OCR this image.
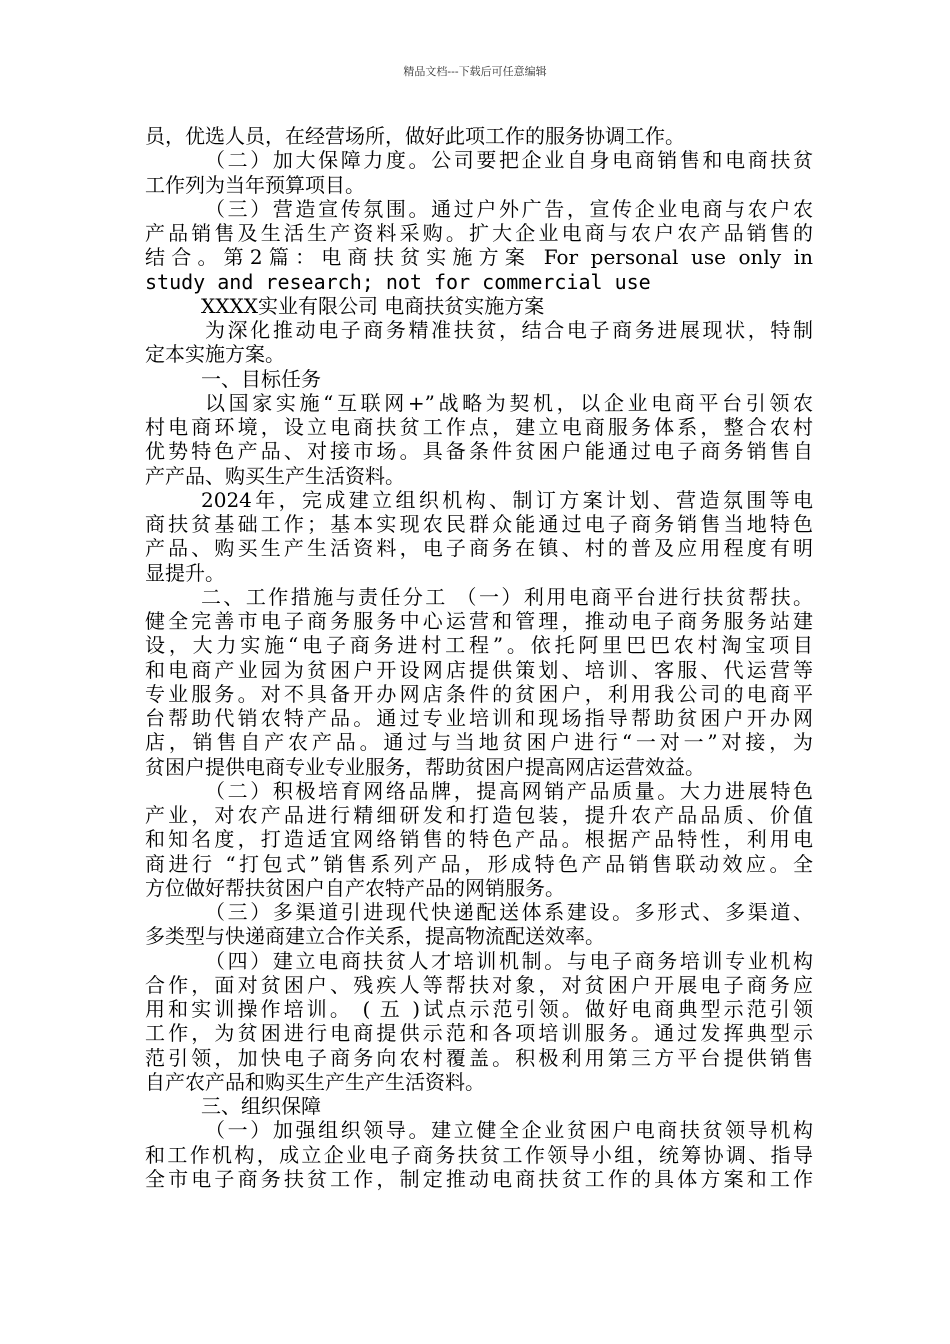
精品文档---下载后可任意编辑
员，优选人员，在经营场所，做好此项工作的服务协调工作。
（二）加大保障力度。公司要把企业自身电商销售和电商扶贫
工作列为当年预算项目。
（三）营造宣传氛围。通过户外广告，宣传企业电商与农户农
产品销售及生活生产资料采购。扩大企业电商与农户农产品销售的
结合。第2篇：电商扶贫实施方案 For personal use only in
study and research; not for commercial use
XXXX实业有限公司 电商扶贫实施方案
为深化推动电子商务精准扶贫，结合电子商务进展现状，特制
定本实施方案。
一、目标任务
以国家实施“互联网+”战略为契机，以企业电商平台引领农
村电商环境，设立电商扶贫工作点，建立电商服务体系，整合农村
优势特色产品、对接市场。具备条件贫困户能通过电子商务销售自
产产品、购买生产生活资料。
2024年，完成建立组织机构、制订方案计划、营造氛围等电
商扶贫基础工作；基本实现农民群众能通过电子商务销售当地特色
产品、购买生产生活资料，电子商务在镇、村的普及应用程度有明
显提升。
二、工作措施与责任分工 （一）利用电商平台进行扶贫帮扶。
健全完善市电子商务服务中心运营和管理，推动电子商务服务站建
设，大力实施“电子商务进村工程”。依托阿里巴巴农村淘宝项目
和电商产业园为贫困户开设网店提供策划、培训、客服、代运营等
专业服务。对不具备开办网店条件的贫困户，利用我公司的电商平
台帮助代销农特产品。通过专业培训和现场指导帮助贫困户开办网
店，销售自产农产品。通过与当地贫困户进行“一对一”对接，为
贫困户提供电商专业专业服务，帮助贫困户提高网店运营效益。
（二）积极培育网络品牌，提高网销产品质量。大力进展特色
产业，对农产品进行精细研发和打造包装，提升农产品品质、价值
和知名度，打造适宜网络销售的特色产品。根据产品特性，利用电
商进行 “打包式”销售系列产品，形成特色产品销售联动效应。全
方位做好帮扶贫困户自产农特产品的网销服务。
（三）多渠道引进现代快递配送体系建设。多形式、多渠道、
多类型与快递商建立合作关系，提高物流配送效率。
（四）建立电商扶贫人才培训机制。与电子商务培训专业机构
合作，面对贫困户、残疾人等帮扶对象，对贫困户开展电子商务应
用和实训操作培训。 ( 五 )试点示范引领。做好电商典型示范引领
工作，为贫困进行电商提供示范和各项培训服务。通过发挥典型示
范引领，加快电子商务向农村覆盖。积极利用第三方平台提供销售
自产农产品和购买生产生产生活资料。
三、组织保障
（一）加强组织领导。建立健全企业贫困户电商扶贫领导机构
和工作机构，成立企业电子商务扶贫工作领导小组，统筹协调、指导
全市电子商务扶贫工作，制定推动电商扶贫工作的具体方案和工作
